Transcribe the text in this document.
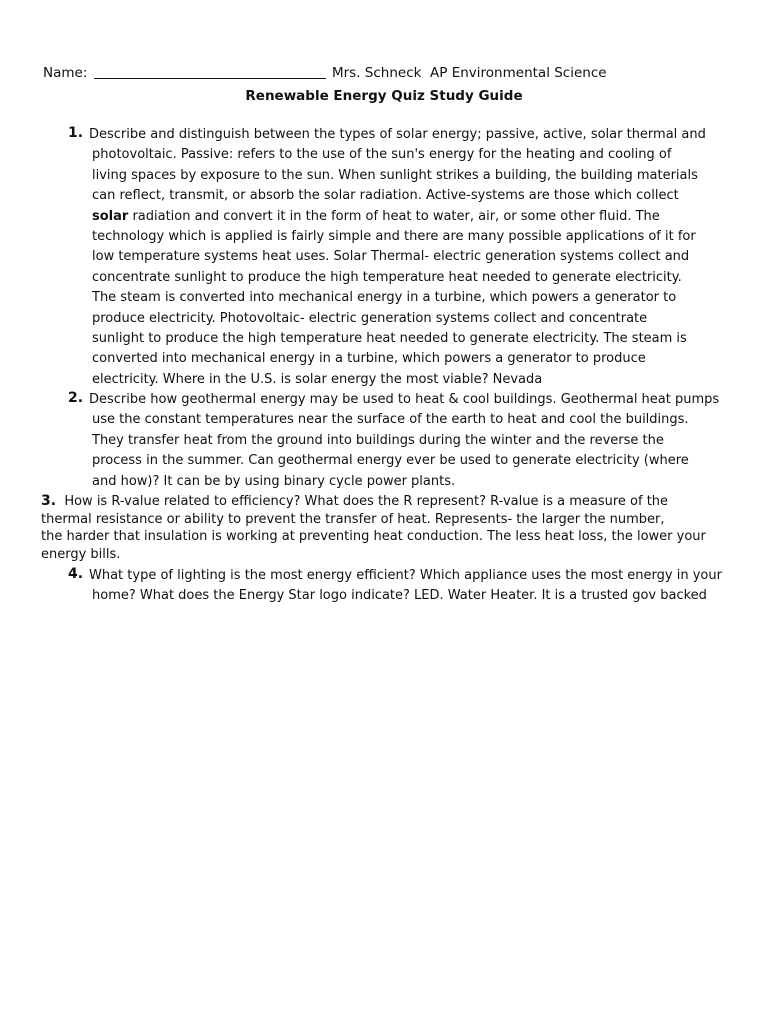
Name:	Mrs. Schneck AP Environmental Science
Renewable Energy Quiz Study Guide
1. Describe and distinguish between the types of solar energy; passive, active, solar thermal and
photovoltaic. Passive: refers to the use of the sun's energy for the heating and cooling of
living spaces by exposure to the sun. When sunlight strikes a building, the building materials
can reflect, transmit, or absorb the solar radiation. Active-systems are those which collect
solar radiation and convert it in the form of heat to water, air, or some other fluid. The
technology which is applied is fairly simple and there are many possible applications of it for
low temperature systems heat uses. Solar Thermal- electric generation systems collect and
concentrate sunlight to produce the high temperature heat needed to generate electricity.
The steam is converted into mechanical energy in a turbine, which powers a generator to
produce electricity. Photovoltaic- electric generation systems collect and concentrate
sunlight to produce the high temperature heat needed to generate electricity. The steam is
converted into mechanical energy in a turbine, which powers a generator to produce
electricity. Where in the U.S. is solar energy the most viable? Nevada
2. Describe how geothermal energy may be used to heat & cool buildings. Geothermal heat pumps
use the constant temperatures near the surface of the earth to heat and cool the buildings.
They transfer heat from the ground into buildings during the winter and the reverse the
process in the summer. Can geothermal energy ever be used to generate electricity (where
and how)? It can be by using binary cycle power plants.
3. How is R-value related to efficiency? What does the R represent? R-value is a measure of the
thermal resistance or ability to prevent the transfer of heat. Represents- the larger the number,
the harder that insulation is working at preventing heat conduction. The less heat loss, the lower your
energy bills.
4. What type of lighting is the most energy efficient? Which appliance uses the most energy in your
home? What does the Energy Star logo indicate? LED. Water Heater. It is a trusted gov backed
